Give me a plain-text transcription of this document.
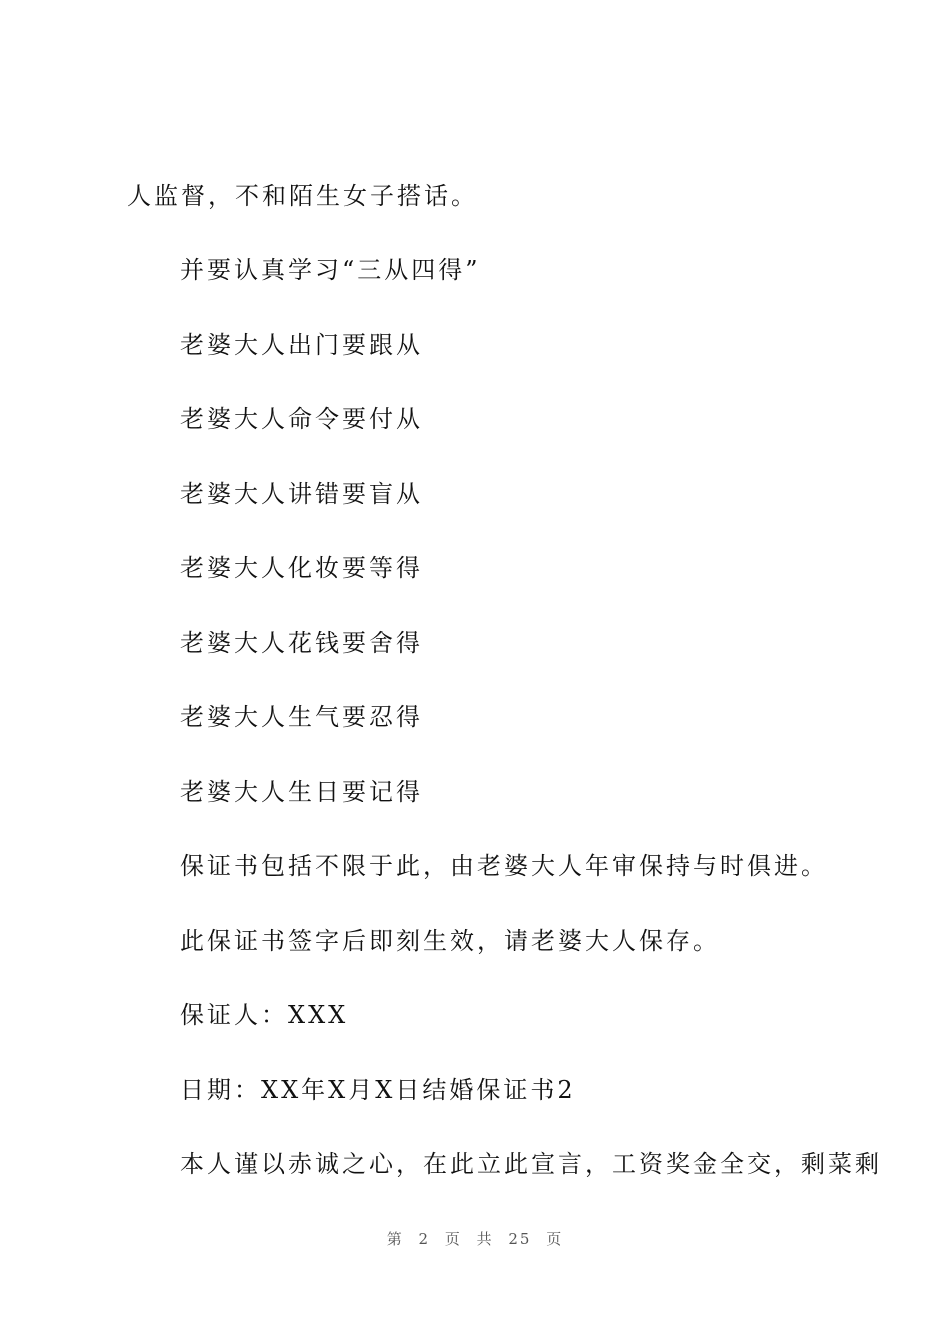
人监督，不和陌生女子搭话。
并要认真学习“三从四得”
老婆大人出门要跟从
老婆大人命令要付从
老婆大人讲错要盲从
老婆大人化妆要等得
老婆大人花钱要舍得
老婆大人生气要忍得
老婆大人生日要记得
保证书包括不限于此，由老婆大人年审保持与时俱进。
此保证书签字后即刻生效，请老婆大人保存。
保证人：XXX
日期：XX年X月X日结婚保证书2
本人谨以赤诚之心，在此立此宣言，工资奖金全交，剩菜剩
第 2 页 共 25 页
